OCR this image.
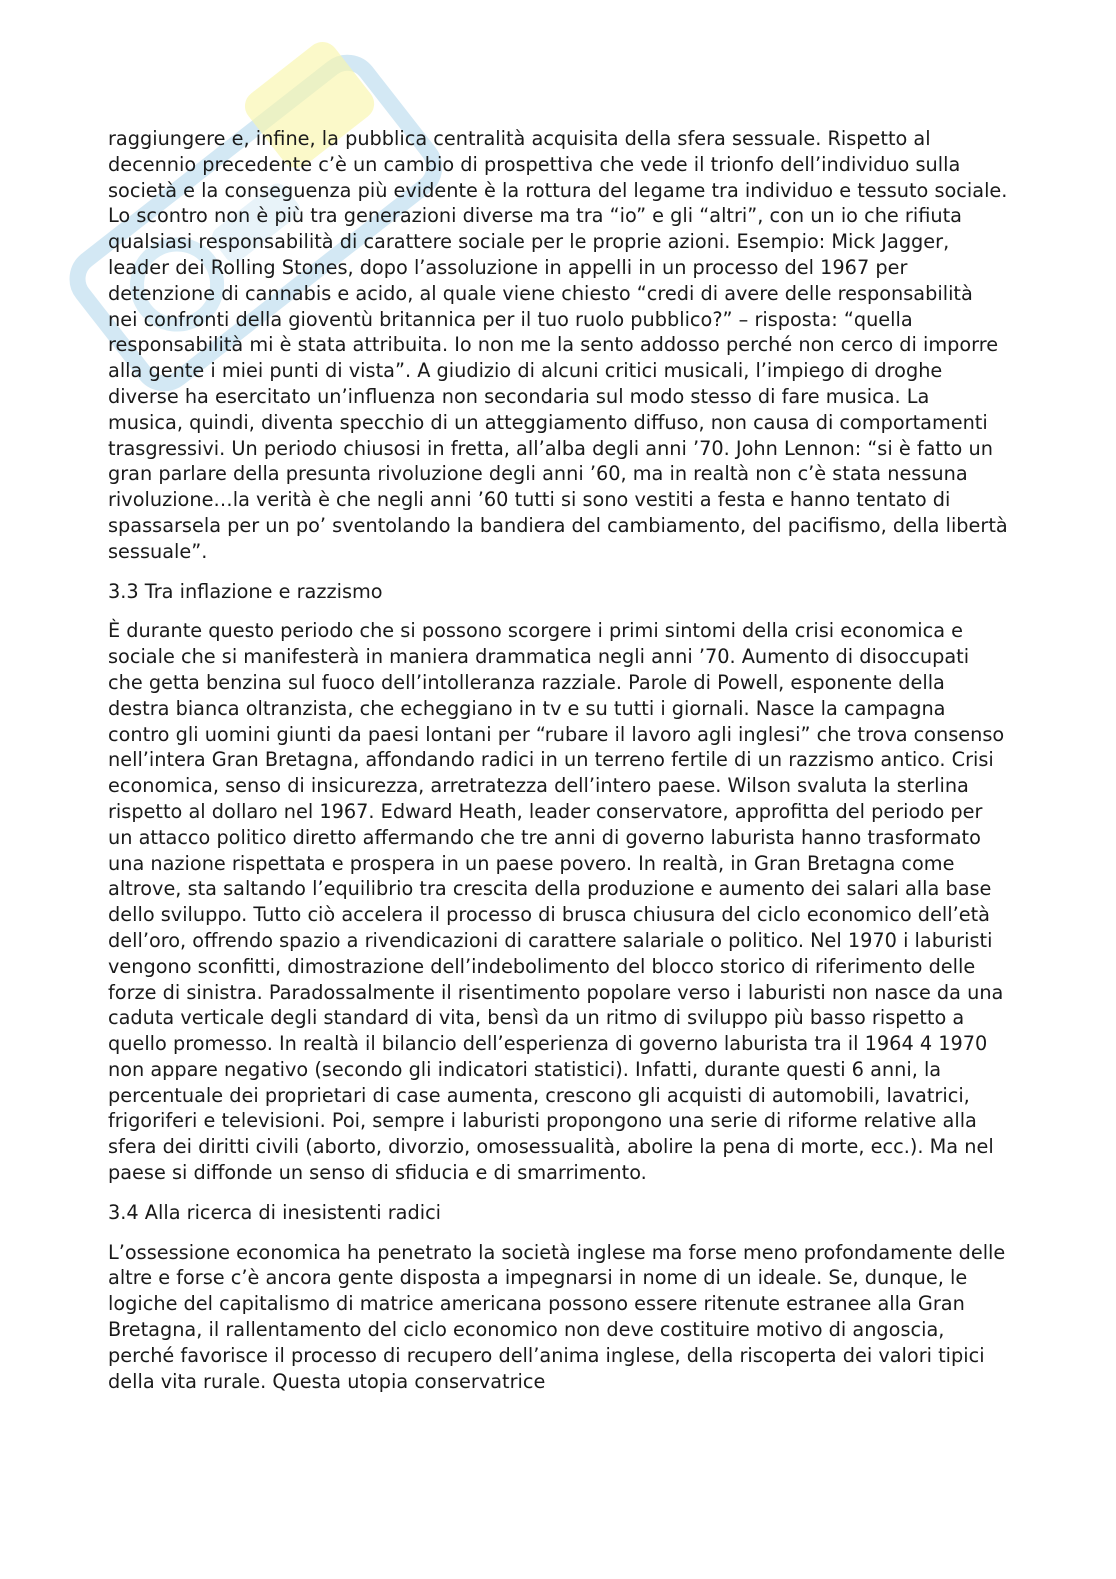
raggiungere e, infine, la pubblica centralità acquisita della sfera sessuale. Rispetto al decennio precedente c’è un cambio di prospettiva che vede il trionfo dell’individuo sulla società e la conseguenza più evidente è la rottura del legame tra individuo e tessuto sociale. Lo scontro non è più tra generazioni diverse ma tra “io” e gli “altri”, con un io che rifiuta qualsiasi responsabilità di carattere sociale per le proprie azioni. Esempio: Mick Jagger, leader dei Rolling Stones, dopo l’assoluzione in appelli in un processo del 1967 per detenzione di cannabis e acido, al quale viene chiesto “credi di avere delle responsabilità nei confronti della gioventù britannica per il tuo ruolo pubblico?” – risposta: “quella responsabilità mi è stata attribuita. Io non me la sento addosso perché non cerco di imporre alla gente i miei punti di vista”. A giudizio di alcuni critici musicali, l’impiego di droghe diverse ha esercitato un’influenza non secondaria sul modo stesso di fare musica. La musica, quindi, diventa specchio di un atteggiamento diffuso, non causa di comportamenti trasgressivi. Un periodo chiusosi in fretta, all’alba degli anni ’70. John Lennon: “si è fatto un gran parlare della presunta rivoluzione degli anni ’60, ma in realtà non c’è stata nessuna rivoluzione…la verità è che negli anni ’60 tutti si sono vestiti a festa e hanno tentato di spassarsela per un po’ sventolando la bandiera del cambiamento, del pacifismo, della libertà sessuale”.

3.3 Tra inflazione e razzismo

È durante questo periodo che si possono scorgere i primi sintomi della crisi economica e sociale che si manifesterà in maniera drammatica negli anni ’70. Aumento di disoccupati che getta benzina sul fuoco dell’intolleranza razziale. Parole di Powell, esponente della destra bianca oltranzista, che echeggiano in tv e su tutti i giornali. Nasce la campagna contro gli uomini giunti da paesi lontani per “rubare il lavoro agli inglesi” che trova consenso nell’intera Gran Bretagna, affondando radici in un terreno fertile di un razzismo antico. Crisi economica, senso di insicurezza, arretratezza dell’intero paese. Wilson svaluta la sterlina rispetto al dollaro nel 1967. Edward Heath, leader conservatore, approfitta del periodo per un attacco politico diretto affermando che tre anni di governo laburista hanno trasformato una nazione rispettata e prospera in un paese povero. In realtà, in Gran Bretagna come altrove, sta saltando l’equilibrio tra crescita della produzione e aumento dei salari alla base dello sviluppo. Tutto ciò accelera il processo di brusca chiusura del ciclo economico dell’età dell’oro, offrendo spazio a rivendicazioni di carattere salariale o politico. Nel 1970 i laburisti vengono sconfitti, dimostrazione dell’indebolimento del blocco storico di riferimento delle forze di sinistra. Paradossalmente il risentimento popolare verso i laburisti non nasce da una caduta verticale degli standard di vita, bensì da un ritmo di sviluppo più basso rispetto a quello promesso. In realtà il bilancio dell’esperienza di governo laburista tra il 1964 4 1970 non appare negativo (secondo gli indicatori statistici). Infatti, durante questi 6 anni, la percentuale dei proprietari di case aumenta, crescono gli acquisti di automobili, lavatrici, frigoriferi e televisioni. Poi, sempre i laburisti propongono una serie di riforme relative alla sfera dei diritti civili (aborto, divorzio, omosessualità, abolire la pena di morte, ecc.). Ma nel paese si diffonde un senso di sfiducia e di smarrimento.

3.4 Alla ricerca di inesistenti radici

L’ossessione economica ha penetrato la società inglese ma forse meno profondamente delle altre e forse c’è ancora gente disposta a impegnarsi in nome di un ideale. Se, dunque, le logiche del capitalismo di matrice americana possono essere ritenute estranee alla Gran Bretagna, il rallentamento del ciclo economico non deve costituire motivo di angoscia, perché favorisce il processo di recupero dell’anima inglese, della riscoperta dei valori tipici della vita rurale. Questa utopia conservatrice
